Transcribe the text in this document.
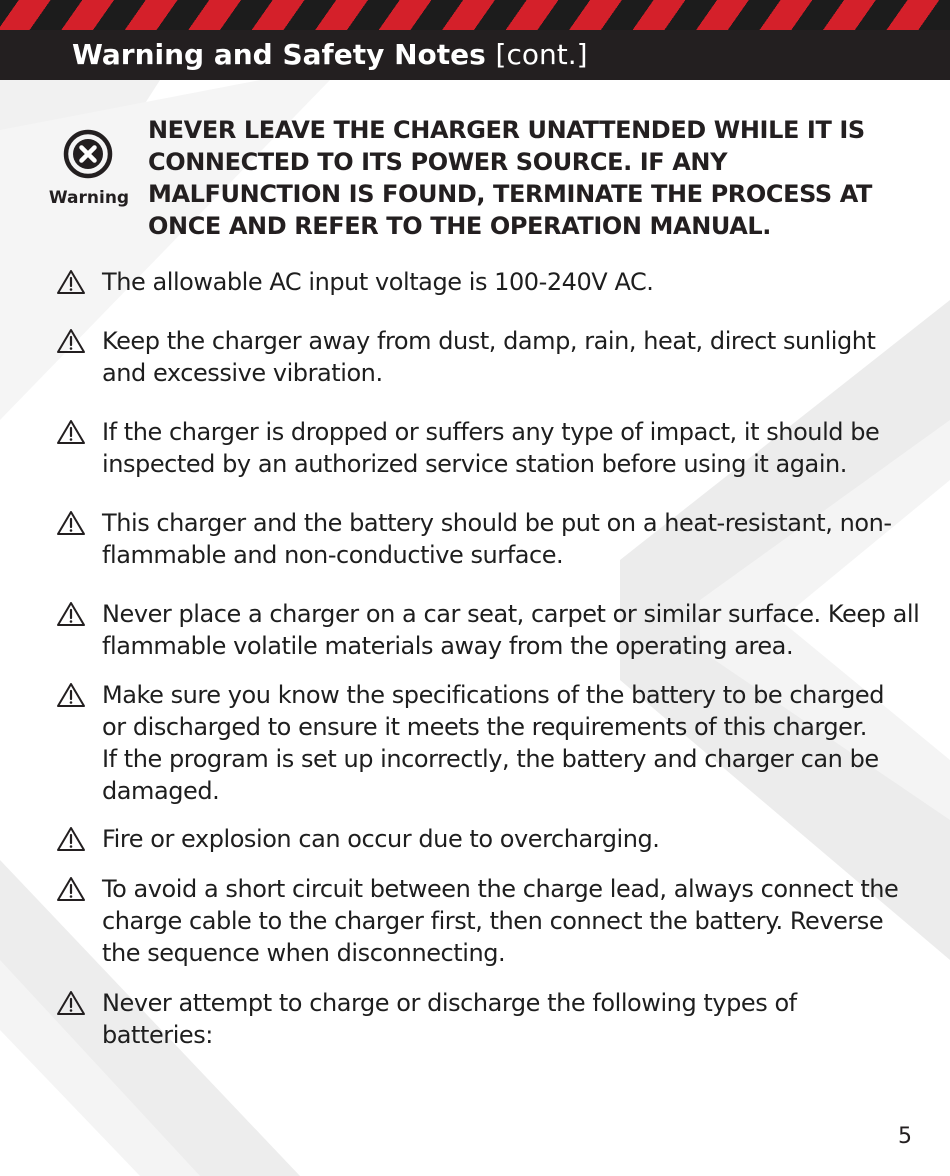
Warning and Safety Notes [cont.]
Warning

NEVER LEAVE THE CHARGER UNATTENDED WHILE IT IS CONNECTED TO ITS POWER SOURCE. IF ANY MALFUNCTION IS FOUND, TERMINATE THE PROCESS AT ONCE AND REFER TO THE OPERATION MANUAL.

The allowable AC input voltage is 100-240V AC.
Keep the charger away from dust, damp, rain, heat, direct sunlight
and excessive vibration.
If the charger is dropped or suffers any type of impact, it should be
inspected by an authorized service station before using it again.
This charger and the battery should be put on a heat-resistant, non-
flammable and non-conductive surface.
Never place a charger on a car seat, carpet or similar surface. Keep all
flammable volatile materials away from the operating area.
Make sure you know the specifications of the battery to be charged
or discharged to ensure it meets the requirements of this charger.
If the program is set up incorrectly, the battery and charger can be
damaged.
Fire or explosion can occur due to overcharging.
To avoid a short circuit between the charge lead, always connect the
charge cable to the charger first, then connect the battery. Reverse
the sequence when disconnecting.
Never attempt to charge or discharge the following types of
batteries:
5
